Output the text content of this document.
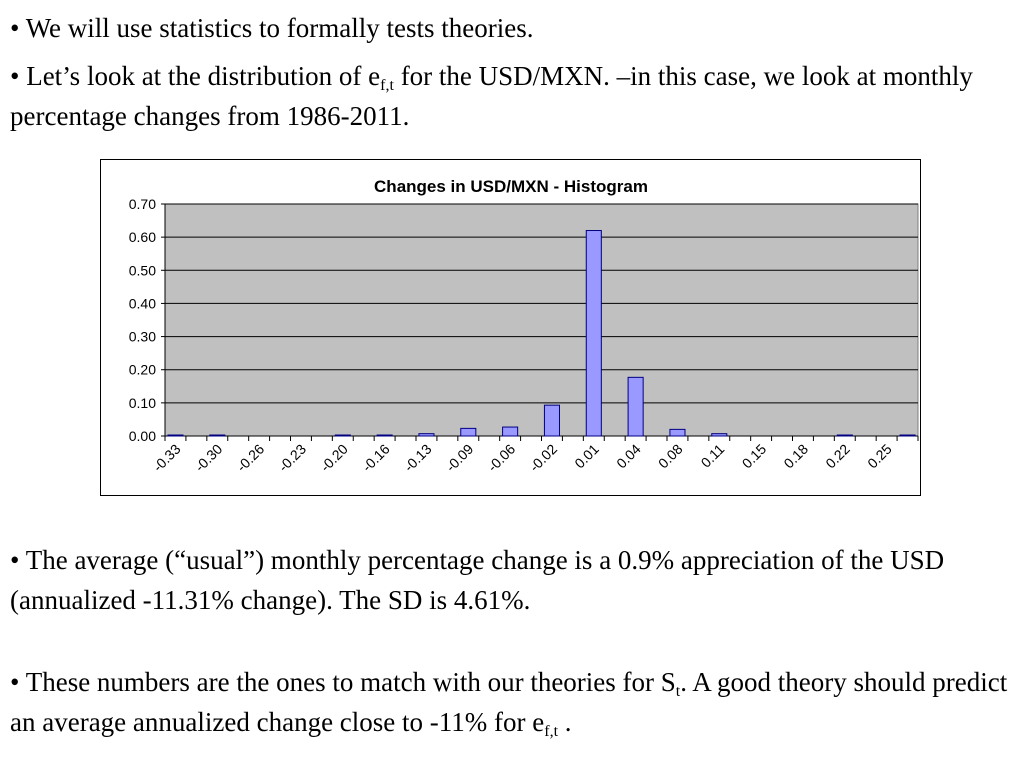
• We will use statistics to formally tests theories.

• Let’s look at the distribution of $e_{f,t}$ for the USD/MXN. –in this case, we look at monthly percentage changes from 1986-2011.

Changes in USD/MXN - Histogram
0.00
0.10
0.20
0.30
0.40
0.50
0.60
0.70
-0.33 -0.30 -0.26 -0.23 -0.20 -0.16 -0.13 -0.09 -0.06 -0.02 0.01 0.04 0.08 0.11 0.15 0.18 0.22 0.25

• The average (“usual”) monthly percentage change is a 0.9% appreciation of the USD (annualized -11.31% change). The SD is 4.61%.

• These numbers are the ones to match with our theories for $S_t$. A good theory should predict an average annualized change close to -11% for $e_{f,t}$ .
